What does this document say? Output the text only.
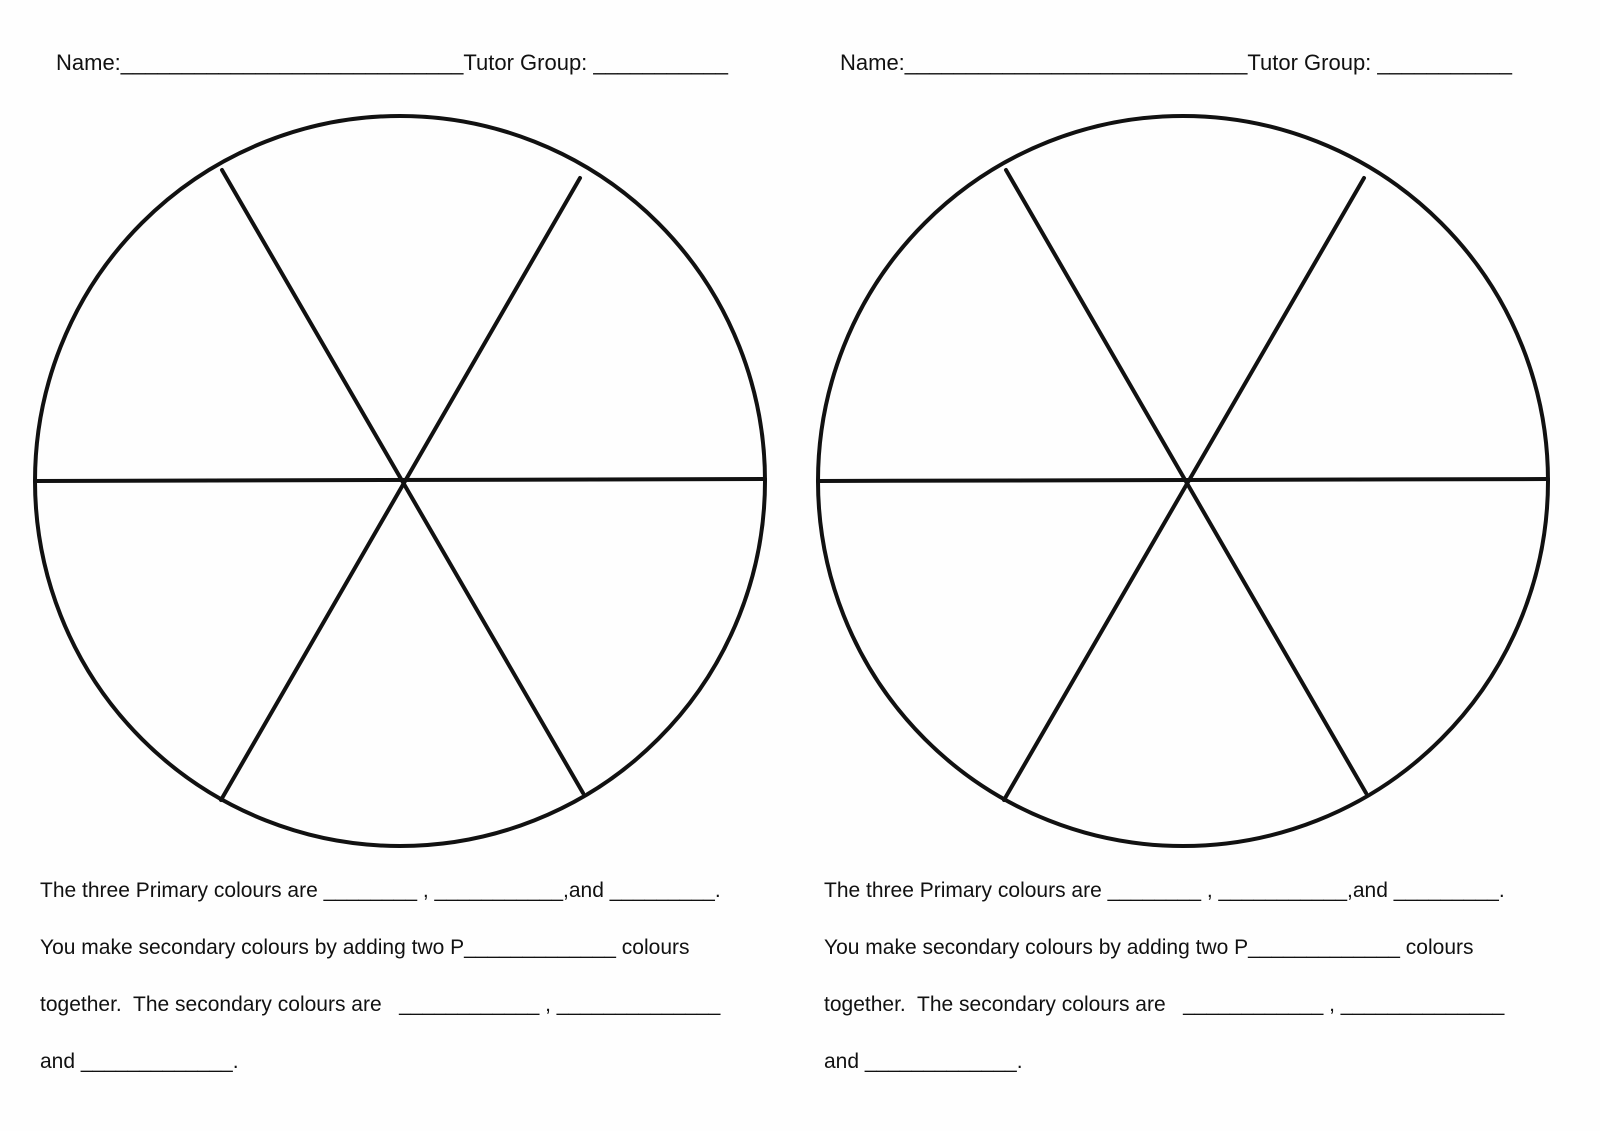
Name:____________________________Tutor Group: ___________
The three Primary colours are ________ , ___________,and _________.
You make secondary colours by adding two P_____________ colours
together.  The secondary colours are   ____________ , ______________
and _____________.
Name:____________________________Tutor Group: ___________
The three Primary colours are ________ , ___________,and _________.
You make secondary colours by adding two P_____________ colours
together.  The secondary colours are   ____________ , ______________
and _____________.
